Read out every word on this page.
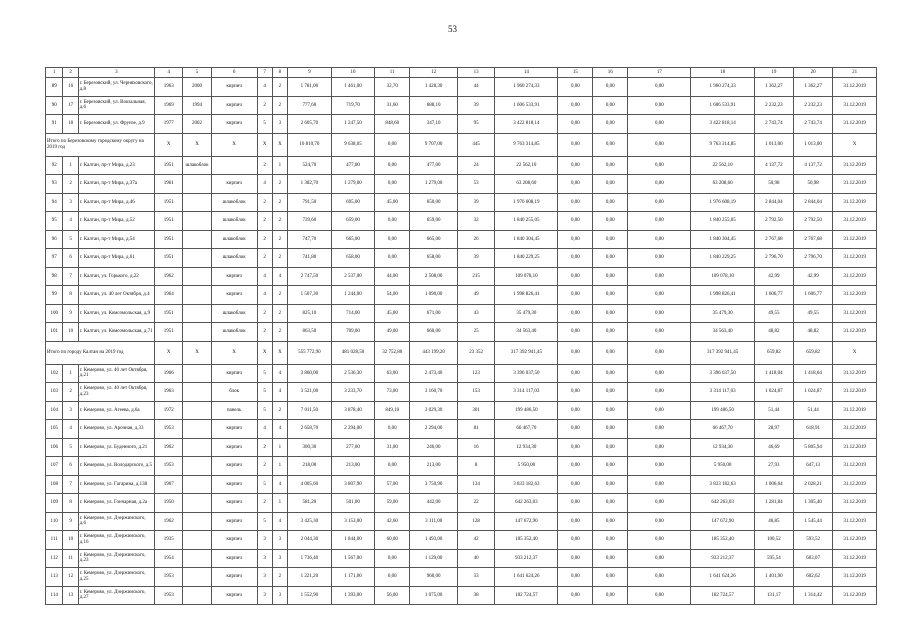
53
1	2	3	4	5	6	7	8	9	10	11	12	13	14	15	16	17	18	19	20	21
89	16	г. Березовский, ул. Черняховского, д.8	1963	2000	кирпич	4	2	1 781,00	1 461,00	32,70	1 428,30	44	1 960 274,33	0,00	0,00	0,00	1 960 274,33	1 362,27	1 362,27	31.12.2019
90	17	г. Березовский, ул. Вокзальная, д.6	1969	1994	кирпич	2	2	777,60	719,70	31,60	688,10	39	1 606 533,91	0,00	0,00	0,00	1 606 533,91	2 232,23	2 232,23	31.12.2019
91	18	г. Березовский, ул. Фрунзе, д.9	1977	2002	кирпич	5	3	2 605,70	1 247,50	848,60	347,10	95	3 422 818,14	0,00	0,00	0,00	3 422 818,14	2 743,74	2 743,74	31.12.2019
Итого по Березовскому городскому округу на 2019 год			X	X	X	X	X	10 810,70	9 638,05	0,00	9 707,00	445	9 763 314,85	0,00	0,00	0,00	9 763 314,85	1 013,00	1 013,00	X
92	1	г. Калтан, пр-т Мира, д.23	1951	шлакоблок		2	1	524,70	477,00	0,00	477,00	24	22 562,10	0,00	0,00	0,00	22 562,10	4 137,72	4 137,72	31.12.2019
93	2	г. Калтан, пр-т Мира, д.37а	1961		кирпич	4	2	1 382,70	1 279,00	0,00	1 279,00	53	63 208,60	0,00	0,00	0,00	63 208,60	50,98	50,98	31.12.2019
94	3	г. Калтан, пр-т Мира, д.46	1951		шлакоблок	2	2	791,50	695,00	45,00	650,00	39	1 976 608,19	0,00	0,00	0,00	1 976 608,19	2 844,04	2 844,04	31.12.2019
95	4	г. Калтан, пр-т Мира, д.52	1951		шлакоблок	2	2	739,60	659,00	0,00	659,00	32	1 840 255,05	0,00	0,00	0,00	1 840 255,05	2 792,50	2 792,50	31.12.2019
96	5	г. Калтан, пр-т Мира, д.54	1951		шлакоблок	2	2	747,70	665,00	0,00	665,00	26	1 840 304,45	0,00	0,00	0,00	1 840 304,45	2 767,68	2 767,68	31.12.2019
97	6	г. Калтан, пр-т Мира, д.61	1951		шлакоблок	2	2	741,80	658,00	0,00	658,00	39	1 840 229,25	0,00	0,00	0,00	1 840 229,25	2 796,70	2 796,70	31.12.2019
98	7	г. Калтан, ул. Горького, д.22	1962		кирпич	4	4	2 747,50	2 537,00	44,00	2 508,00	215	109 078,10	0,00	0,00	0,00	109 078,10	42,99	42,99	31.12.2019
99	8	г. Калтан, ул. 40 лет Октября, д.4	1964		кирпич	4	2	1 507,30	1 244,00	54,00	1 090,00	49	1 998 826,41	0,00	0,00	0,00	1 998 826,41	1 606,77	1 606,77	31.12.2019
100	9	г. Калтан, ул. Комсомольская, д.9	1951		шлакоблок	2	2	825,10	714,00	45,00	671,00	43	35 479,30	0,00	0,00	0,00	35 479,30	49,55	49,55	31.12.2019
101	10	г. Калтан, ул. Комсомольская, д.71	1951		шлакоблок	2	2	863,50	709,00	49,00	660,00	25	34 563,40	0,00	0,00	0,00	34 563,40	48,82	48,82	31.12.2019
Итого по городу Калтан на 2019 год			X	X	X	X	X	555 772,90	481 028,50	32 752,80	443 199,20	23 352	317 392 941,45	0,00	0,00	0,00	317 392 941,45	659,82	659,82	X
102	1	г. Кемерово, ул. 40 лет Октября, д.21	1966		кирпич	5	4	3 860,00	2 536,30	63,00	2 473,40	123	3 396 037,50	0,00	0,00	0,00	3 396 037,50	1 418,04	1 418,04	31.12.2019
103	2	г. Кемерово, ул. 40 лет Октября, д.23	1963		блок	5	4	3 521,00	3 233,70	73,00	3 160,70	153	3 314 117,03	0,00	0,00	0,00	3 314 117,03	1 024,87	1 024,87	31.12.2019
104	3	г. Кемерово, ул. Агеева, д.6а	1972		панель	5	2	7 011,50	3 878,40	849,10	3 029,30	301	199 486,50	0,00	0,00	0,00	199 486,50	51,44	51,44	31.12.2019
105	4	г. Кемерово, ул. Арочная, д.33	1953		кирпич	4	4	2 658,70	2 294,00	0,00	2 294,00	81	66 467,70	0,00	0,00	0,00	66 467,70	28,97	618,91	31.12.2019
106	5	г. Кемерово, ул. Буденного, д.21	1962		кирпич	2	1	300,30	277,00	31,00	246,00	16	12 934,30	0,00	0,00	0,00	12 934,30	46,69	5 805,94	31.12.2019
107	6	г. Кемерово, ул. Володарского, д.5	1953		кирпич	2	1	218,00	213,00	0,00	213,00	8	5 950,00	0,00	0,00	0,00	5 950,00	27,93	647,13	31.12.2019
108	7	г. Кемерово, ул. Гагарина, д.138	1967		кирпич	5	4	4 005,60	3 807,90	57,00	3 750,90	134	3 833 182,63	0,00	0,00	0,00	3 833 182,63	1 006,64	2 028,21	31.12.2019
109	8	г. Кемерово, ул. Гончарная, д.2а	1950		кирпич	2	1	581,20	501,00	59,00	442,00	22	642 263,03	0,00	0,00	0,00	642 263,03	1 281,84	1 305,40	31.12.2019
110	9	г. Кемерово, ул. Дзержинского, д.6	1962		кирпич	5	4	3 425,30	3 153,00	42,60	3 111,00	128	147 672,90	0,00	0,00	0,00	147 672,90	46,85	1 545,44	31.12.2019
111	10	г. Кемерово, ул. Дзержинского, д.16	1935		кирпич	3	3	2 044,30	1 844,00	60,00	1 493,00	42	185 352,40	0,00	0,00	0,00	185 352,40	100,52	593,52	31.12.2019
112	11	г. Кемерово, ул. Дзержинского, д.23	1954		кирпич	3	3	1 736,40	1 567,00	0,00	1 129,00	40	933 212,37	0,00	0,00	0,00	933 212,37	595,54	603,07	31.12.2019
113	12	г. Кемерово, ул. Дзержинского, д.25	1953		кирпич	3	2	1 221,20	1 171,00	0,00	960,00	33	1 641 624,26	0,00	0,00	0,00	1 641 624,26	1 401,90	602,62	31.12.2019
114	13	г. Кемерово, ул. Дзержинского, д.27	1953		кирпич	3	3	1 552,90	1 393,00	56,00	1 075,00	38	182 724,57	0,00	0,00	0,00	182 724,57	131,17	1 314,42	31.12.2019
